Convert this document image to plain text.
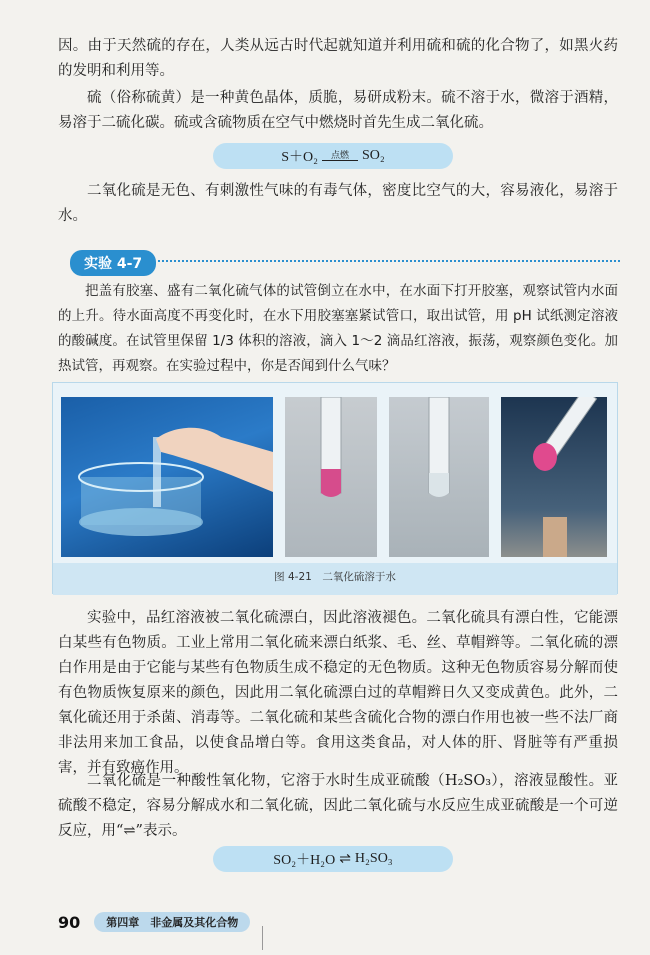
因。由于天然硫的存在，人类从远古时代起就知道并利用硫和硫的化合物了，如黑火药的发明和利用等。

硫（俗称硫黄）是一种黄色晶体，质脆，易研成粉末。硫不溶于水，微溶于酒精，易溶于二硫化碳。硫或含硫物质在空气中燃烧时首先生成二氧化硫。

S＋O₂ 点燃 SO₂

二氧化硫是无色、有刺激性气味的有毒气体，密度比空气的大，容易液化，易溶于水。

实验 4-7

把盖有胶塞、盛有二氧化硫气体的试管倒立在水中，在水面下打开胶塞，观察试管内水面的上升。待水面高度不再变化时，在水下用胶塞塞紧试管口，取出试管，用 pH 试纸测定溶液的酸碱度。在试管里保留 1/3 体积的溶液，滴入 1～2 滴品红溶液，振荡，观察颜色变化。加热试管，再观察。在实验过程中，你是否闻到什么气味？

图 4-21　二氧化硫溶于水

实验中，品红溶液被二氧化硫漂白，因此溶液褪色。二氧化硫具有漂白性，它能漂白某些有色物质。工业上常用二氧化硫来漂白纸浆、毛、丝、草帽辫等。二氧化硫的漂白作用是由于它能与某些有色物质生成不稳定的无色物质。这种无色物质容易分解而使有色物质恢复原来的颜色，因此用二氧化硫漂白过的草帽辫日久又变成黄色。此外，二氧化硫还用于杀菌、消毒等。二氧化硫和某些含硫化合物的漂白作用也被一些不法厂商非法用来加工食品，以使食品增白等。食用这类食品，对人体的肝、肾脏等有严重损害，并有致癌作用。

二氧化硫是一种酸性氧化物，它溶于水时生成亚硫酸（H₂SO₃），溶液显酸性。亚硫酸不稳定，容易分解成水和二氧化硫，因此二氧化硫与水反应生成亚硫酸是一个可逆反应，用“⇌”表示。

SO₂＋H₂O ⇌ H₂SO₃
90	第四章　非金属及其化合物
